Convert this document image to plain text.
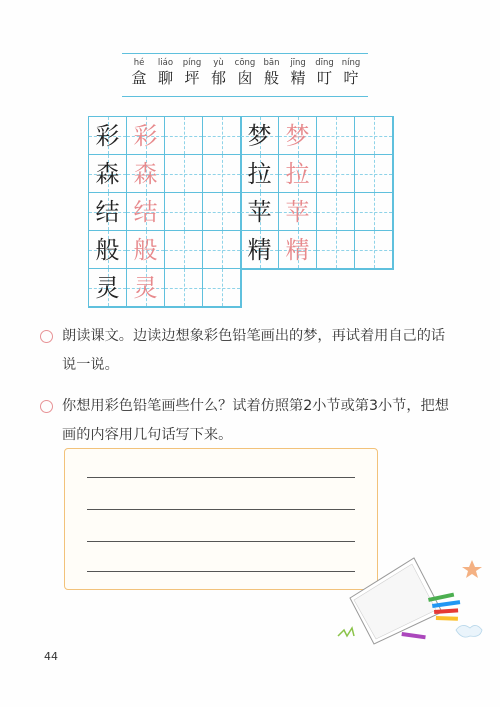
hé
盒
liáo
聊
píng
坪
yù
郁
cōng
囱
bān
般
jīng
精
dīng
叮
níng
咛
彩 彩
森 森
结 结
般 般
灵 灵
梦 梦
拉 拉
苹 苹
精 精
朗读课文。边读边想象彩色铅笔画出的梦，再试着用自己的话说一说。
你想用彩色铅笔画些什么？试着仿照第2小节或第3小节，把想画的内容用几句话写下来。
44
